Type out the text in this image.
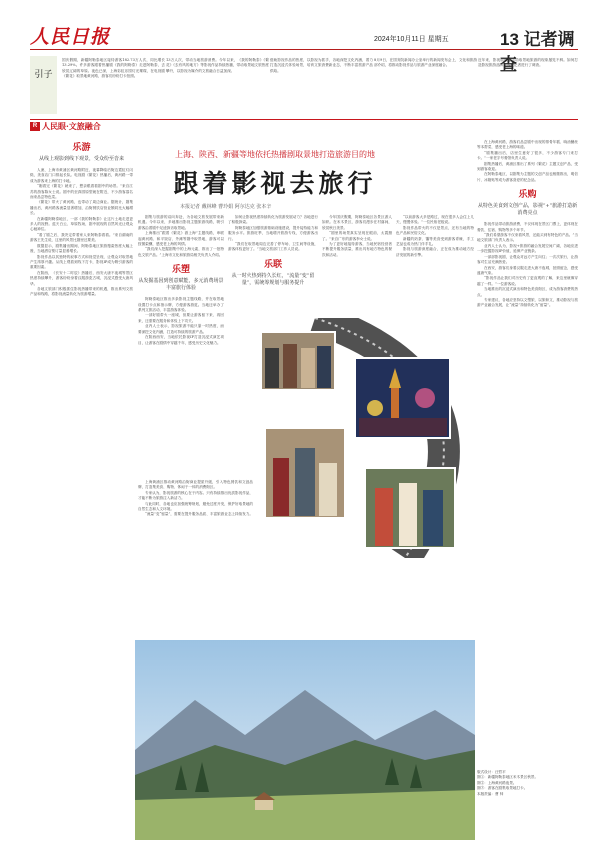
人民日报	2024年10月11日 星期五	13 记者调查
引子
国庆假期，新疆阿勒泰地区接待游客182.73万人次，同比增长13.29%。许多游客跟着热播剧《我的阿勒泰》走进阿勒泰，去欣赏辽阔的草原。夜色已深，上海彩虹乐园灯光璀璨，在电视剧《繁花》取景地黄河路，游客们纷纷打卡拍照。
13万人次，带动当地旅游消费。今年以来，《我的阿勒泰》《繁花》《去有风的地方》等影视作品持续热播，带动取景地文旅热度攀升，以影视为媒介的文旅融合日益加深。
借助影视作品的热度，以影视为抓手，各地深挖文化内涵，着力打造沉浸式体验场景，培育文旅消费新业态，不断丰富旅游产品供给。
8月9日，在国务院新闻办公室举行的新闻发布会上，文化和旅游部介绍，将推动影视作品与旅游产业深度融合。
近年来，影视剧热播带动取景地旅游的现象屡见不鲜。如何打造影视旅游品牌？本报记者进行了调查。
R 人民眼·文旅融合
上海、陕西、新疆等地依托热播剧取景地打造旅游目的地
跟着影视去旅行
本报记者 戴林峰 曹玲娟 阿尔达克 张本辛
乐游
从线上观影到线下观景，受众纷至沓来

人流、上海市黄浦区黄河路附近，夜幕降临后街边霓虹灯闪烁，美食店门口排起长队。电视剧《繁花》热播后，黄河路一带成为游客来上海的打卡地。

“刚看完《繁花》就来了，想亲眼看看剧中的场景。”来自江苏的游客陈女士说。剧中的至真园原型就在附近，不少游客慕名而来品尝特色菜。

《繁花》带火了黄河路，也带动了周边商业。据统计，剧集播出后，黄河路客流量显著增加，沿街餐饮店营业额同比大幅增长。

在新疆阿勒泰地区，一部《我的阿勒泰》让这片土地走进更多人的视野。蓝天白云、草原牧场，剧中展现的自然风光让观众心驰神往。

“看了剧之后，我决定带着家人来阿勒泰看看。”来自湖南的游客王先生说，这里的风景比剧里还要美。

数据显示，剧集播出期间，阿勒泰地区旅游搜索热度大幅上涨，当地酒店预订量显著增长。

影视作品以其独特的叙事方式和视觉呈现，让观众对取景地产生浓厚兴趣。从线上观看到线下打卡，影视IP成为吸引游客的重要因素。

在陕西，《长安十二时辰》热播后，西安大唐不夜城等景区热度持续攀升，游客纷纷身着汉服游览古城，沉浸式感受大唐风华。

各地文旅部门积极抓住影视热播带来的机遇，推出系列文旅产品和线路，将影视流量转化为旅游增量。

剧集与旅游的双向奔赴，为各地文旅发展带来新机遇。今年以来，多地推出影视主题旅游线路，吸引游客沿着剧中足迹探访取景地。

上海推出“跟着《繁花》游上海”主题线路，串联起黄河路、和平饭店、外滩等剧中取景地，游客可以按图索骥，感受老上海的风情。

“我们深入挖掘剧集中的上海元素，推出了一批特色文旅产品。”上海市文化和旅游局相关负责人介绍。

乐塑
从发掘基因到创意赋能，多元消费场景丰富旅行体验

阿勒泰地区推出多条影视主题线路，并在取景地设置打卡点和指示牌，方便游客游览。当地还举办了系列文旅活动，丰富游客体验。

一部好剧带火一座城，但要让游客留下来、再回来，还需要在服务和体验上下功夫。

业内人士表示，影视旅游不能只靠一时热度，而要深挖文化内涵，打造可持续的旅游产品。

在陕西西安，当地依托影视IP打造沉浸式演艺项目，让游客在剧情中穿越千年，感受历史文化魅力。

如何让影视热度持续转化为旅游发展动力？各地进行了积极探索。

阿勒泰地区加强旅游基础设施建设，提升接待能力和服务水平。旅游旺季，当地增开旅游专线，方便游客出行。

“我们在取景地周边完善了停车场、卫生间等设施，游客体验更好了。”当地文旅部门工作人员说。

乐联
从一时火热到持久长红，“流量”变“留量”，需统筹规划与服务提升

今年国庆假期，阿勒泰地区各景区游人如织。在禾木景区，游客们漫步在村落间，欣赏秋日美景。

“剧里的场景真实呈现在眼前，太震撼了。”来自广东的游客李女士说。

为了更好地接待游客，当地民宿经营者不断提升服务质量，推出具有地方特色的餐饮和活动。

“以前游客大多是路过，现在很多人会住上几天，慢慢体验。”一位民宿老板说。

影视作品带火的不仅是景点，还有当地的特色产品和民俗文化。

新疆的奶茶、馕等美食受到游客青睐，手工艺品也成为热门伴手礼。

影视与旅游深度融合，正在成为推动地方经济发展的新引擎。

上海黄浦区推动黄河路沿街商业提质升级，引入特色餐饮和文创品牌，打造集美食、购物、休闲于一体的消费街区。

专家认为，影视旅游的核心在于内容。只有持续推出优质影视作品，才能不断为旅游注入新活力。

与此同时，各地也应加强统筹规划，避免过度开发，保护好取景地的自然生态和人文环境。

“流量”变“留量”，需要在提升服务品质、丰富旅游业态上持续发力。

在上海黄河路，游客们品尝剧中出现的排骨年糕、响油鳝丝等本帮菜，感受老上海的味道。

“剧集播出后，店里生意好了很多，不少游客专门来打卡。”一家老字号餐馆负责人说。

剧集热播后，黄浦区推出了系列《繁花》主题文创产品，受到游客欢迎。

在阿勒泰地区，以剧集为主题的文创产品也相继推出，明信片、冰箱贴等成为游客喜爱的纪念品。

乐购
从特色美食到文创产品，影视“+”旅游打造新消费亮点

影视作品带动旅游消费，不仅体现在景区门票上，更体现在餐饮、住宿、购物等多个环节。

“我们希望游客不仅来看风景，还能买到有特色的产品。”当地文旅部门负责人表示。

业内人士认为，影视+旅游的融合发展空间广阔，各地应进一步挖掘影视IP价值，延伸产业链条。

一部部影视剧，让观众对远方产生向往；一次次旅行，让游客对生活充满热爱。

在西安，游客们身着汉服走进大唐不夜城，拍照留念，感受盛唐气象。

“影视作品让我们对历史有了更直观的了解，来这里就像穿越了一样。”一位游客说。

当地推出的沉浸式演出和特色美食街区，成为游客消费的热点。

专家建议，各地应坚持以文塑旅、以旅彰文，推动影视与旅游产业融合发展，让“流量”持续转化为“留量”。

版式设计：汪哲平

图①：新疆阿勒泰地区禾木景区秋景。

图②：上海黄河路夜景。

图③：游客在剧集取景地打卡。

本版责编：曹 帅
